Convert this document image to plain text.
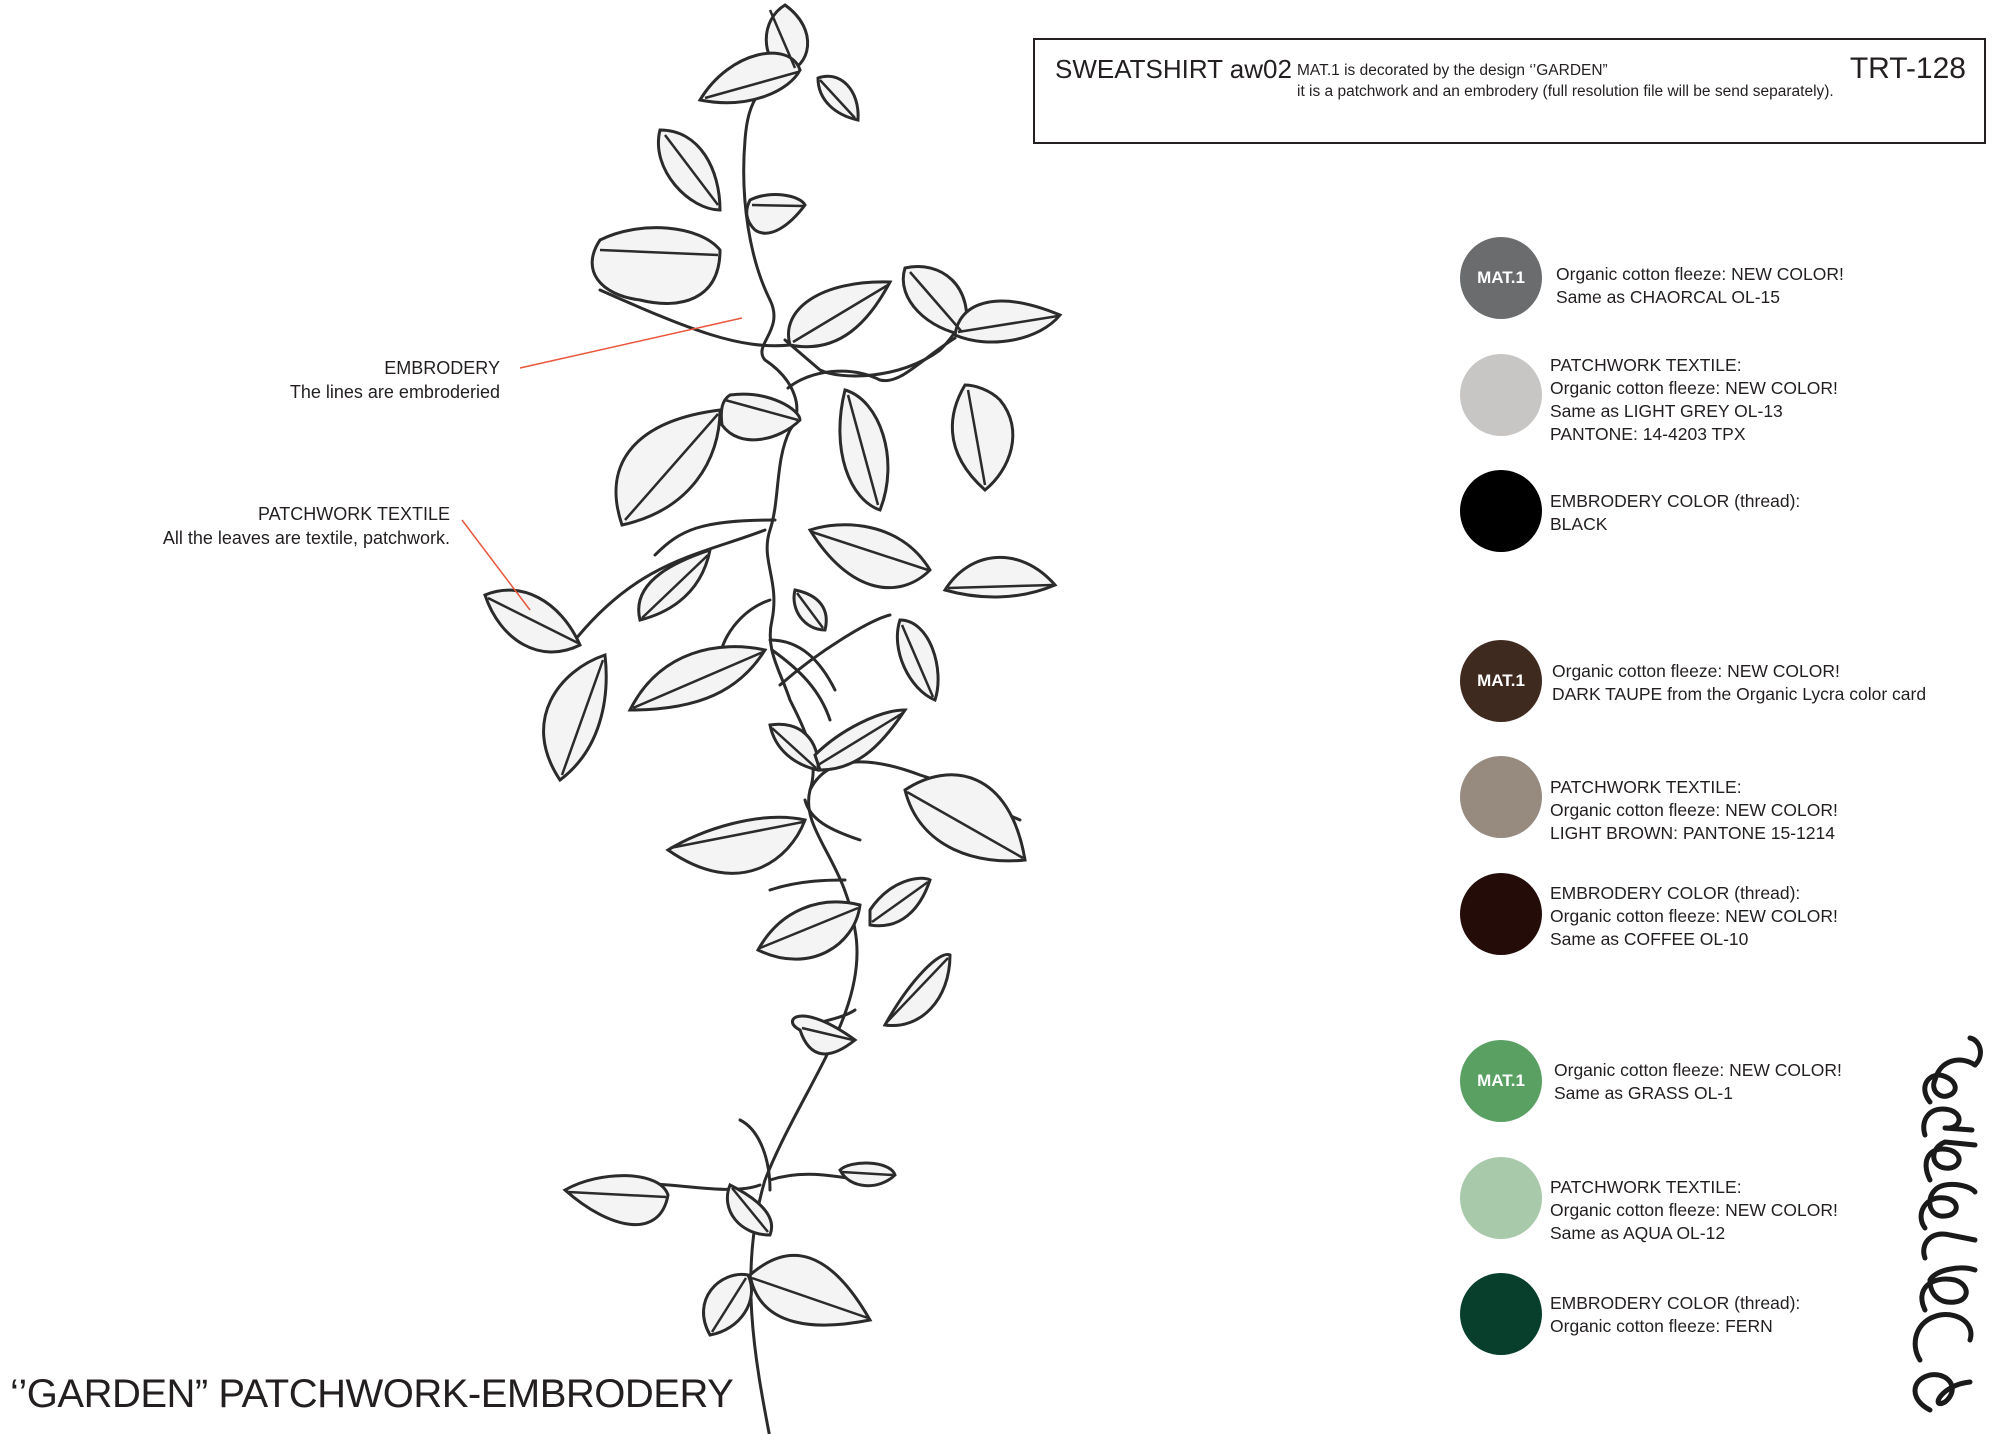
SWEATSHIRT aw02 MAT.1 is decorated by the design ‘’GARDEN”
it is a patchwork and an embrodery (full resolution file will be send separately).
TRT-128
EMBRODERY
The lines are embroderied
PATCHWORK TEXTILE
All the leaves are textile, patchwork.
MAT.1	Organic cotton fleeze: NEW COLOR!
Same as CHAORCAL OL-15
PATCHWORK TEXTILE:
Organic cotton fleeze: NEW COLOR!
Same as LIGHT GREY OL-13
PANTONE: 14-4203 TPX
EMBRODERY COLOR (thread):
BLACK
MAT.1	Organic cotton fleeze: NEW COLOR!
DARK TAUPE from the Organic Lycra color card
PATCHWORK TEXTILE:
Organic cotton fleeze: NEW COLOR!
LIGHT BROWN: PANTONE 15-1214
EMBRODERY COLOR (thread):
Organic cotton fleeze: NEW COLOR!
Same as COFFEE OL-10
MAT.1
Organic cotton fleeze: NEW COLOR!
Same as GRASS OL-1
PATCHWORK TEXTILE:
Organic cotton fleeze: NEW COLOR!
Same as AQUA OL-12
EMBRODERY COLOR (thread):
Organic cotton fleeze: FERN
‘’GARDEN” PATCHWORK-EMBRODERY
